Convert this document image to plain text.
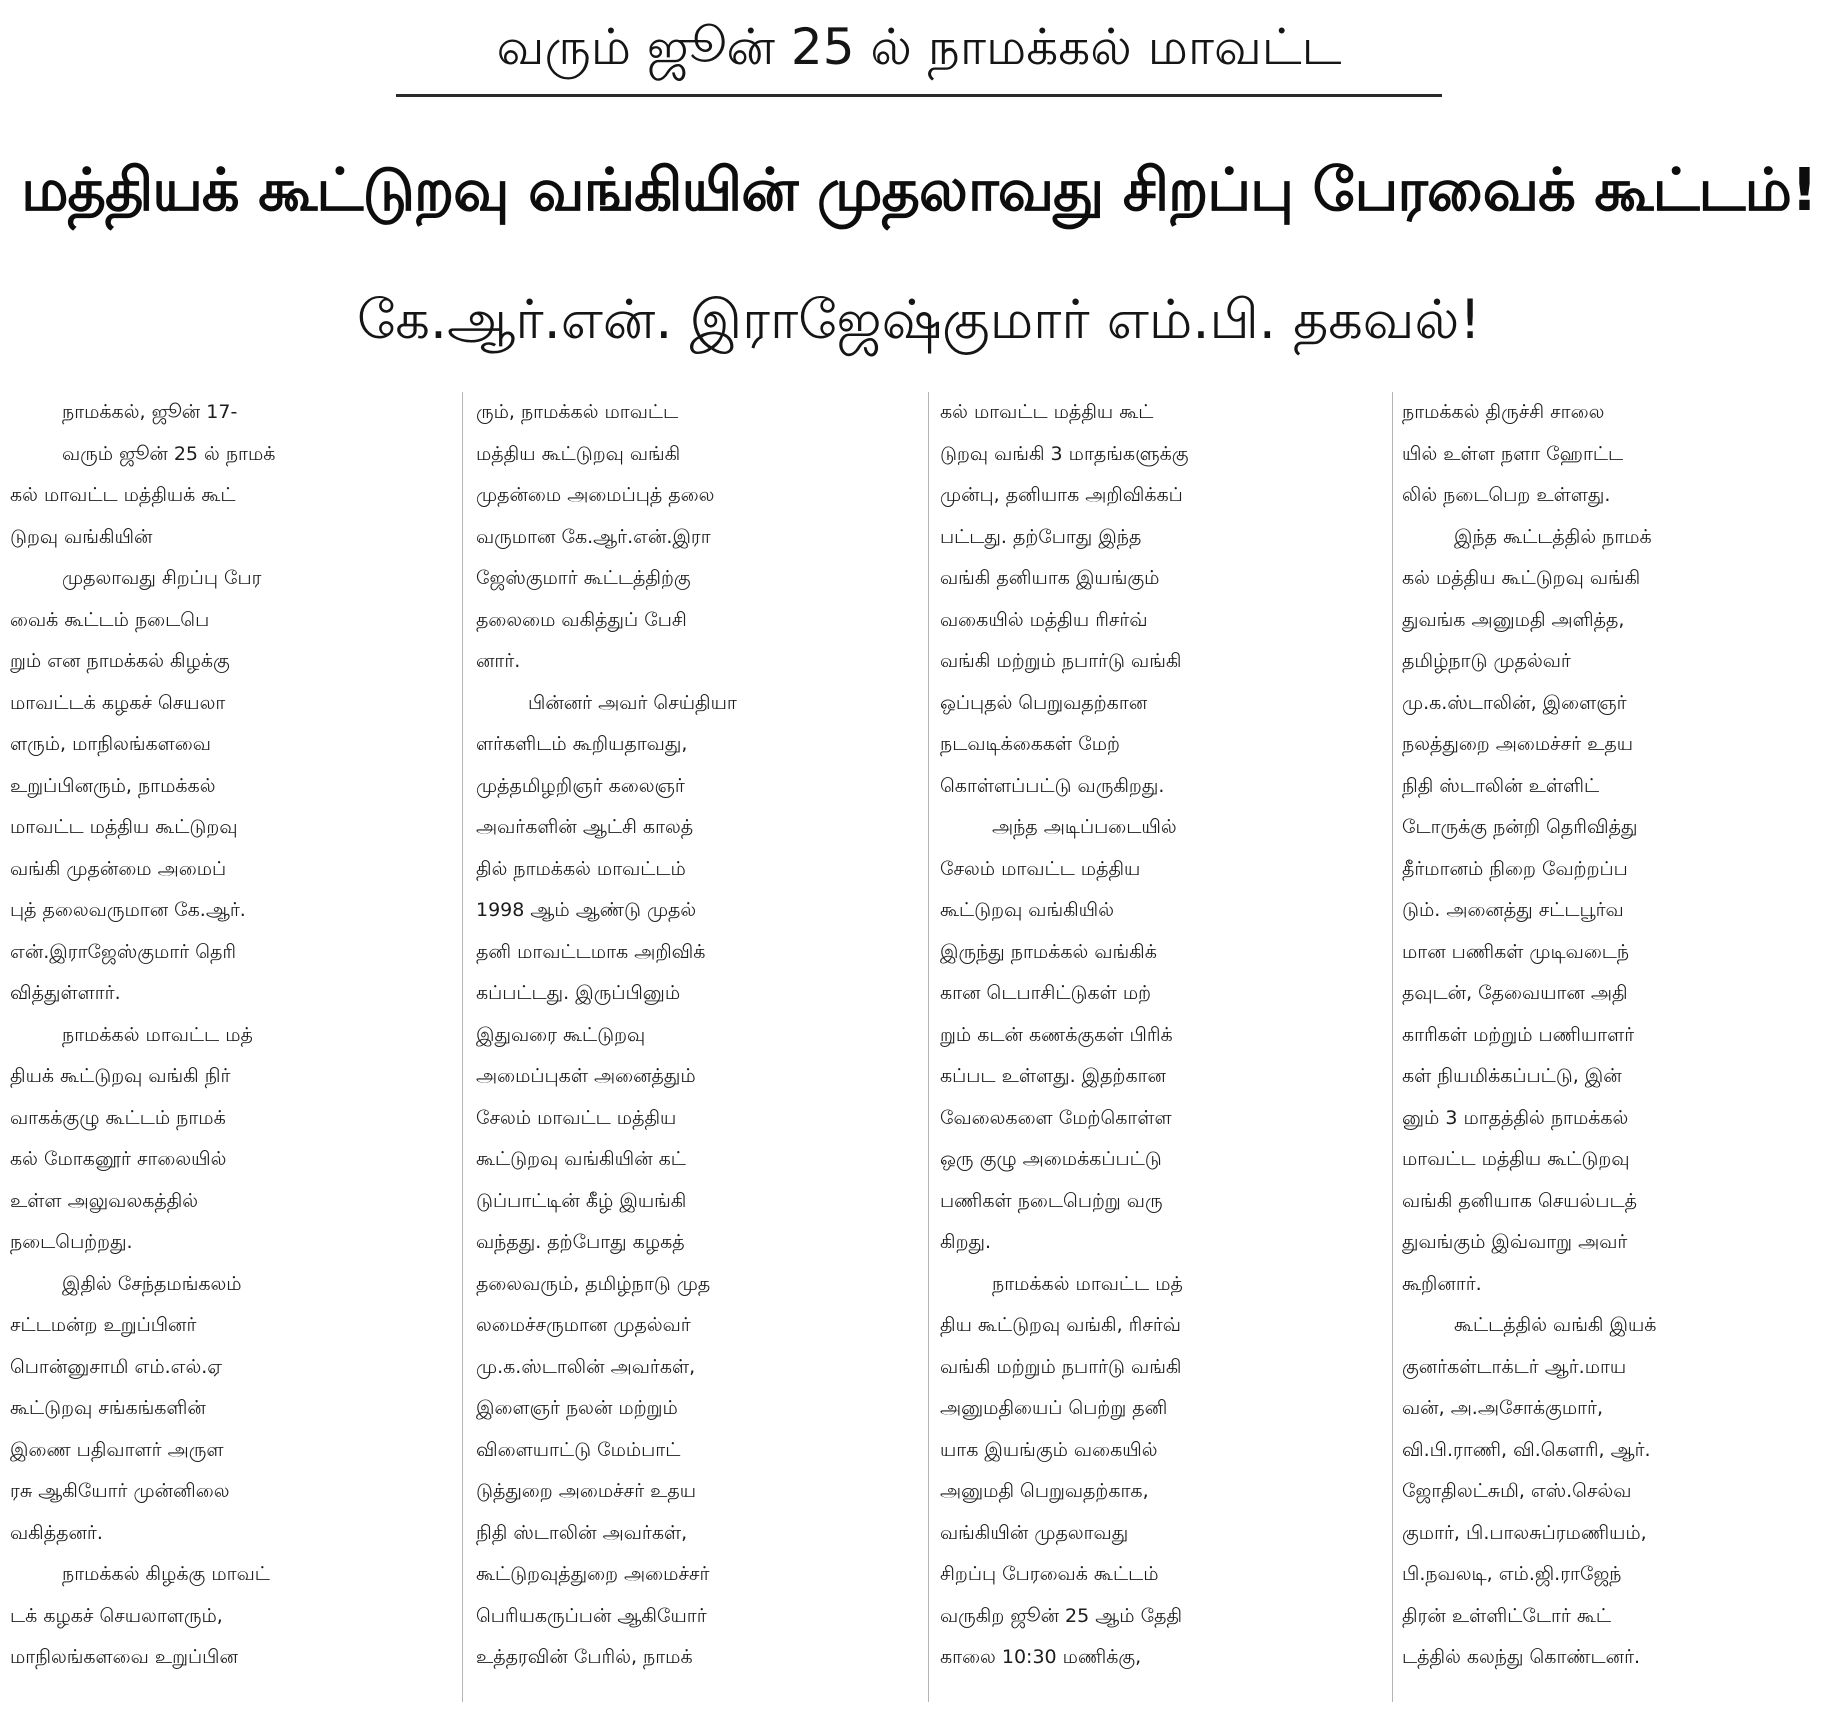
வரும் ஜூன் 25 ல் நாமக்கல் மாவட்ட
மத்தியக் கூட்டுறவு வங்கியின் முதலாவது சிறப்பு பேரவைக் கூட்டம்!
கே.ஆர்.என். இராஜேஷ்குமார் எம்.பி. தகவல்!

நாமக்கல், ஜூன் 17-

வரும் ஜூன் 25 ல் நாமக்

கல் மாவட்ட மத்தியக் கூட்

டுறவு வங்கியின்

முதலாவது சிறப்பு பேர

வைக் கூட்டம் நடைபெ

றும் என நாமக்கல் கிழக்கு

மாவட்டக் கழகச் செயலா

ளரும், மாநிலங்களவை

உறுப்பினரும், நாமக்கல்

மாவட்ட மத்திய கூட்டுறவு

வங்கி முதன்மை அமைப்

புத் தலைவருமான கே.ஆர்.

என்.இராஜேஸ்குமார் தெரி

வித்துள்ளார்.

நாமக்கல் மாவட்ட மத்

தியக் கூட்டுறவு வங்கி நிர்

வாகக்குழு கூட்டம் நாமக்

கல் மோகனூர் சாலையில்

உள்ள அலுவலகத்தில்

நடைபெற்றது.

இதில் சேந்தமங்கலம்

சட்டமன்ற உறுப்பினர்

பொன்னுசாமி எம்.எல்.ஏ

கூட்டுறவு சங்கங்களின்

இணை பதிவாளர் அருள

ரசு ஆகியோர் முன்னிலை

வகித்தனர்.

நாமக்கல் கிழக்கு மாவட்

டக் கழகச் செயலாளரும்,

மாநிலங்களவை உறுப்பின

ரும், நாமக்கல் மாவட்ட

மத்திய கூட்டுறவு வங்கி

முதன்மை அமைப்புத் தலை

வருமான கே.ஆர்.என்.இரா

ஜேஸ்குமார் கூட்டத்திற்கு

தலைமை வகித்துப் பேசி

னார்.

பின்னர் அவர் செய்தியா

ளர்களிடம் கூறியதாவது,

முத்தமிழறிஞர் கலைஞர்

அவர்களின் ஆட்சி காலத்

தில் நாமக்கல் மாவட்டம்

1998 ஆம் ஆண்டு முதல்

தனி மாவட்டமாக அறிவிக்

கப்பட்டது. இருப்பினும்

இதுவரை கூட்டுறவு

அமைப்புகள் அனைத்தும்

சேலம் மாவட்ட மத்திய

கூட்டுறவு வங்கியின் கட்

டுப்பாட்டின் கீழ் இயங்கி

வந்தது. தற்போது கழகத்

தலைவரும், தமிழ்நாடு முத

லமைச்சருமான முதல்வர்

மு.க.ஸ்டாலின் அவர்கள்,

இளைஞர் நலன் மற்றும்

விளையாட்டு மேம்பாட்

டுத்துறை அமைச்சர் உதய

நிதி ஸ்டாலின் அவர்கள்,

கூட்டுறவுத்துறை அமைச்சர்

பெரியகருப்பன் ஆகியோர்

உத்தரவின் பேரில், நாமக்

கல் மாவட்ட மத்திய கூட்

டுறவு வங்கி 3 மாதங்களுக்கு

முன்பு, தனியாக அறிவிக்கப்

பட்டது. தற்போது இந்த

வங்கி தனியாக இயங்கும்

வகையில் மத்திய ரிசர்வ்

வங்கி மற்றும் நபார்டு வங்கி

ஒப்புதல் பெறுவதற்கான

நடவடிக்கைகள் மேற்

கொள்ளப்பட்டு வருகிறது.

அந்த அடிப்படையில்

சேலம் மாவட்ட மத்திய

கூட்டுறவு வங்கியில்

இருந்து நாமக்கல் வங்கிக்

கான டெபாசிட்டுகள் மற்

றும் கடன் கணக்குகள் பிரிக்

கப்பட உள்ளது. இதற்கான

வேலைகளை மேற்கொள்ள

ஒரு குழு அமைக்கப்பட்டு

பணிகள் நடைபெற்று வரு

கிறது.

நாமக்கல் மாவட்ட மத்

திய கூட்டுறவு வங்கி, ரிசர்வ்

வங்கி மற்றும் நபார்டு வங்கி

அனுமதியைப் பெற்று தனி

யாக இயங்கும் வகையில்

அனுமதி பெறுவதற்காக,

வங்கியின் முதலாவது

சிறப்பு பேரவைக் கூட்டம்

வருகிற ஜூன் 25 ஆம் தேதி

காலை 10:30 மணிக்கு,

நாமக்கல் திருச்சி சாலை

யில் உள்ள நளா ஹோட்ட

லில் நடைபெற உள்ளது.

இந்த கூட்டத்தில் நாமக்

கல் மத்திய கூட்டுறவு வங்கி

துவங்க அனுமதி அளித்த,

தமிழ்நாடு முதல்வர்

மு.க.ஸ்டாலின், இளைஞர்

நலத்துறை அமைச்சர் உதய

நிதி ஸ்டாலின் உள்ளிட்

டோருக்கு நன்றி தெரிவித்து

தீர்மானம் நிறை வேற்றப்ப

டும். அனைத்து சட்டபூர்வ

மான பணிகள் முடிவடைந்

தவுடன், தேவையான அதி

காரிகள் மற்றும் பணியாளர்

கள் நியமிக்கப்பட்டு, இன்

னும் 3 மாதத்தில் நாமக்கல்

மாவட்ட மத்திய கூட்டுறவு

வங்கி தனியாக செயல்படத்

துவங்கும் இவ்வாறு அவர்

கூறினார்.

கூட்டத்தில் வங்கி இயக்

குனர்கள்டாக்டர் ஆர்.மாய

வன், அ.அசோக்குமார்,

வி.பி.ராணி, வி.கௌரி, ஆர்.

ஜோதிலட்சுமி, எஸ்.செல்வ

குமார், பி.பாலசுப்ரமணியம்,

பி.நவலடி, எம்.ஜி.ராஜேந்

திரன் உள்ளிட்டோர் கூட்

டத்தில் கலந்து கொண்டனர்.
